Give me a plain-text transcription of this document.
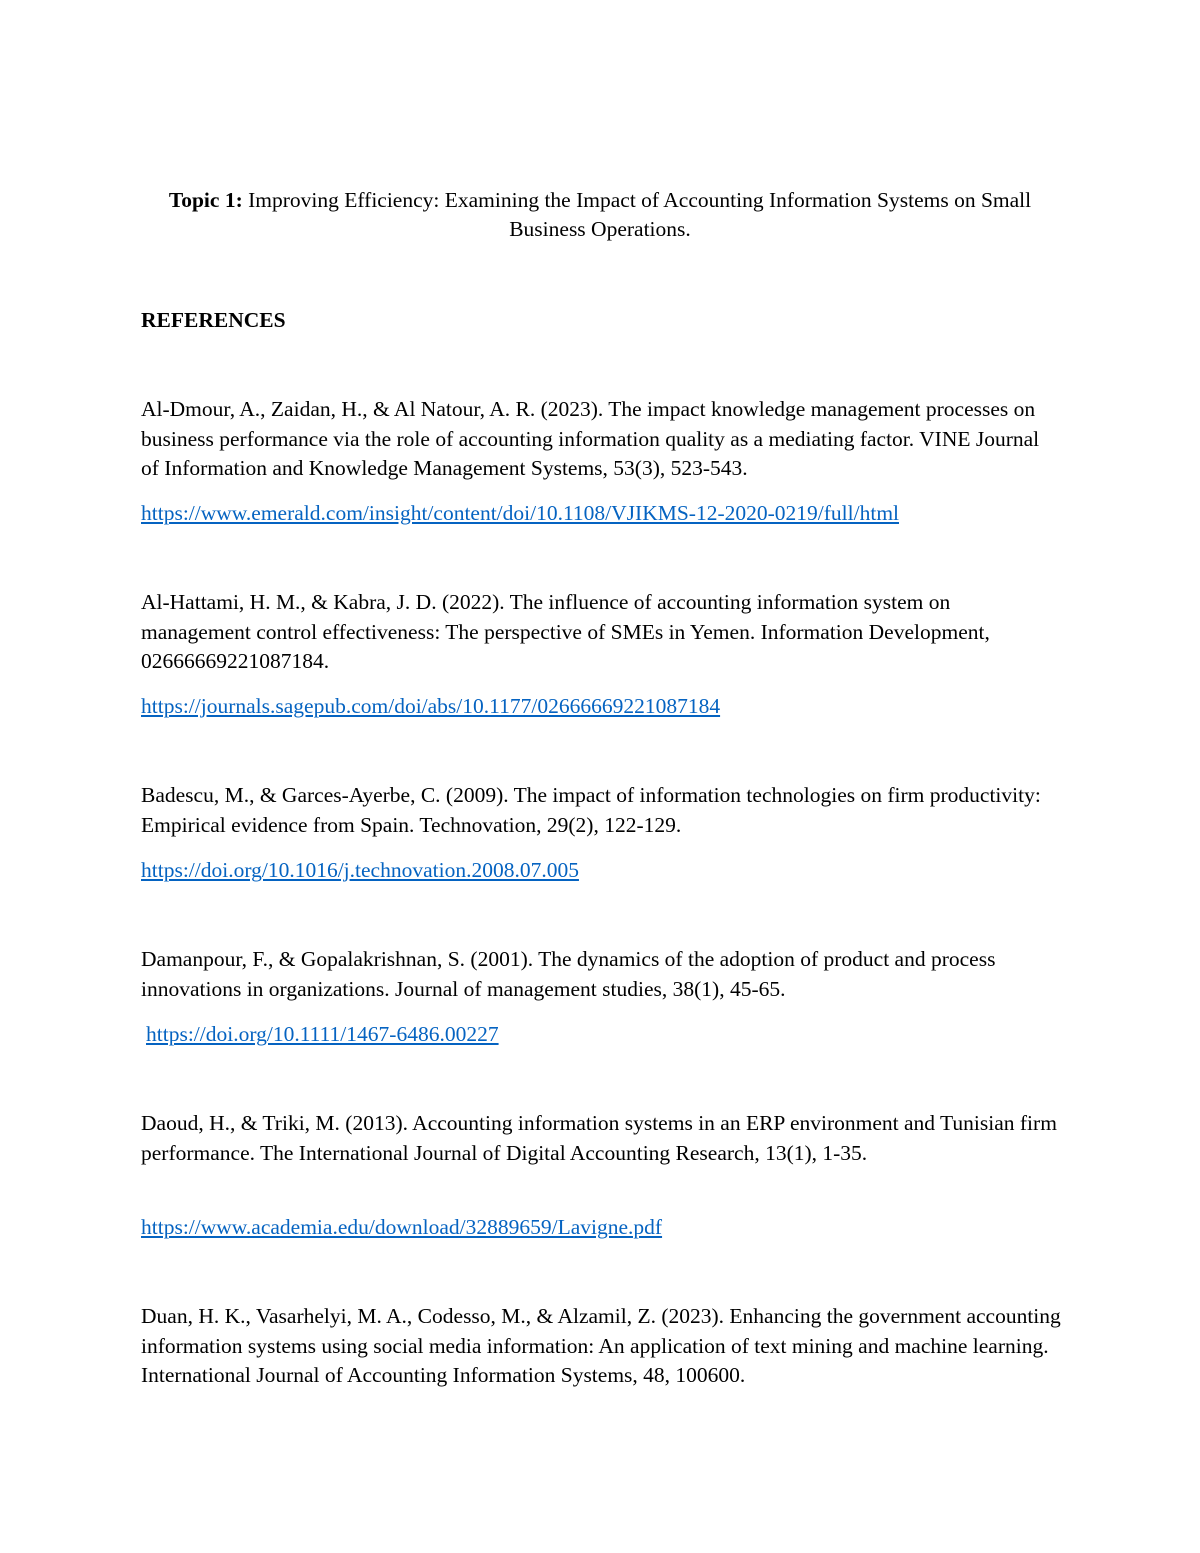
Topic 1: Improving Efficiency: Examining the Impact of Accounting Information Systems on Small Business Operations.
REFERENCES

Al-Dmour, A., Zaidan, H., & Al Natour, A. R. (2023). The impact knowledge management processes on business performance via the role of accounting information quality as a mediating factor. VINE Journal of Information and Knowledge Management Systems, 53(3), 523-543.

https://www.emerald.com/insight/content/doi/10.1108/VJIKMS-12-2020-0219/full/html

Al-Hattami, H. M., & Kabra, J. D. (2022). The influence of accounting information system on management control effectiveness: The perspective of SMEs in Yemen. Information Development, 02666669221087184.

https://journals.sagepub.com/doi/abs/10.1177/02666669221087184

Badescu, M., & Garces-Ayerbe, C. (2009). The impact of information technologies on firm productivity: Empirical evidence from Spain. Technovation, 29(2), 122-129.

https://doi.org/10.1016/j.technovation.2008.07.005

Damanpour, F., & Gopalakrishnan, S. (2001). The dynamics of the adoption of product and process innovations in organizations. Journal of management studies, 38(1), 45-65.

https://doi.org/10.1111/1467-6486.00227

Daoud, H., & Triki, M. (2013). Accounting information systems in an ERP environment and Tunisian firm performance. The International Journal of Digital Accounting Research, 13(1), 1-35.

https://www.academia.edu/download/32889659/Lavigne.pdf

Duan, H. K., Vasarhelyi, M. A., Codesso, M., & Alzamil, Z. (2023). Enhancing the government accounting information systems using social media information: An application of text mining and machine learning. International Journal of Accounting Information Systems, 48, 100600.
